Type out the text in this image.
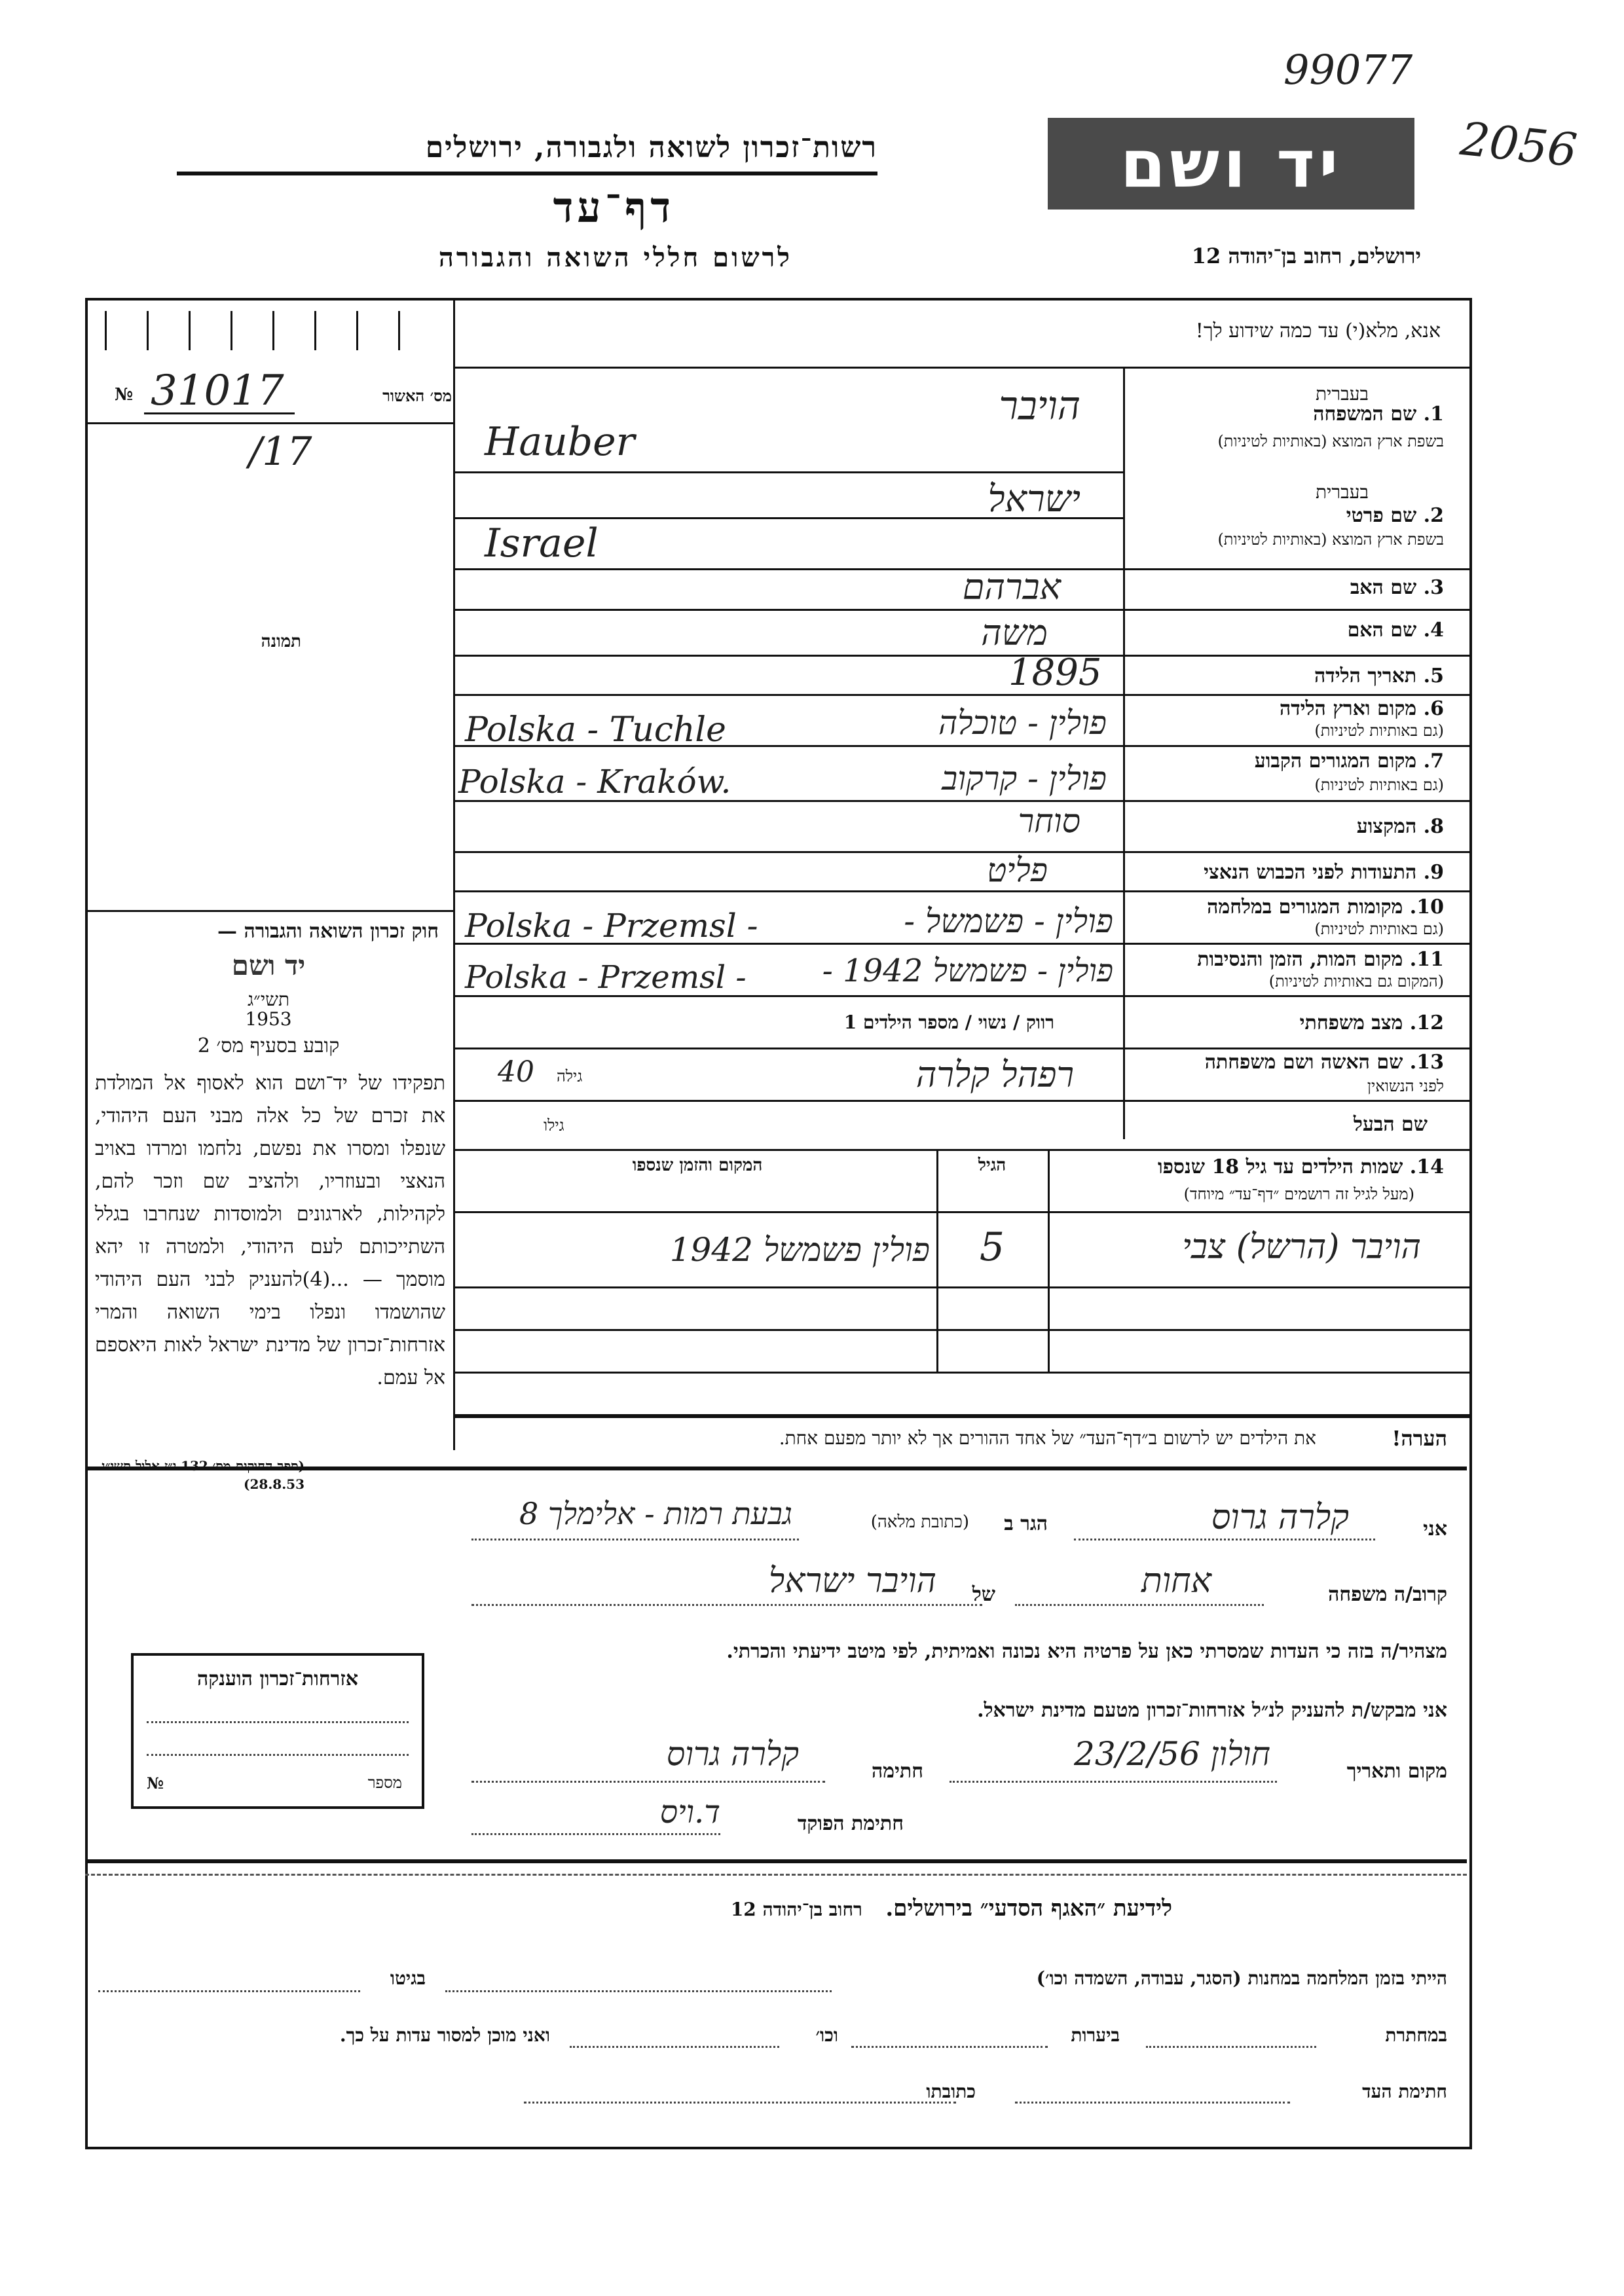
99077
2056
רשות־זכרון לשואה ולגבורה, ירושלים
דף־עד
לרשום חללי השואה והגבורה
יד ושם
ירושלים, רחוב בן־יהודה 12
אנא, מלא(י) עד כמה שידוע לך!
מס׳ האשור
№ 31017
/17
תמונה
חוק זכרון השואה והגבורה —
יד ושם
תשי״ג
1953
קובע בסעיף מס׳ 2
תפקידו של יד־ושם הוא לאסוף אל המולדת את זכרם של כל אלה מבני העם היהודי, שנפלו ומסרו את נפשם, נלחמו ומרדו באויב הנאצי ובעוזריו, ולהציב שם וזכר להם, לקהילות, לארגונים ולמוסדות שנחרבו בגלל השתייכותם לעם היהודי, ולמטרה זו יהא מוסמך — ...(4)להעניק לבני העם היהודי שהושמדו ונפלו בימי השואה והמרי אזרחות־זכרון של מדינת ישראל לאות היאספם אל עמם.
(ספר החוקים מס׳ 132 י״ז אלול תשי״ג 28.8.53)
אזרחות־זכרון הוענקה
מספר
№
בעברית
1. שם המשפחה
בשפת ארץ המוצא (באותיות לטיניות)
הויבר
Hauber
בעברית
2. שם פרטי
בשפת ארץ המוצא (באותיות לטיניות)
ישראל
Israel
3. שם האב
אברהם
4. שם האם
משה
5. תאריך הלידה
1895
6. מקום וארץ הלידה
(גם באותיות לטיניות)
פולין - טוכלה
Polska - Tuchle
7. מקום המגורים הקבוע
(גם באותיות לטיניות)
פולין - קרקוב
Polska - Kraków.
8. המקצוע
סוחר
9. התעודות לפני הכבוש הנאצי
פליט
10. מקומות המגורים במלחמה
(גם באותיות לטיניות)
פולין - פשמשל -
Polska - Przemsl -
11. מקום המות, הזמן והנסיבות
(המקום גם באותיות לטיניות)
פולין - פשמשל 1942 -
Polska - Przemsl -
12. מצב משפחתי
רווק / נשוי / מספר הילדים 1
13. שם האשה ושם משפחתה
לפני הנשואין
רפהל קלרה
גילה
40
שם הבעל
גילו
14. שמות הילדים עד גיל 18 שנספו
(מעל לגיל זה רושמים ״דף־עד״ מיוחד)
הגיל
המקום והזמן שנספו
הויבר (הרשל) צבי
5
פולין פשמשל 1942
הערה!
את הילדים יש לרשום ב״דף־העד״ של אחד ההורים אך לא יותר מפעם אחת.
אני
קלרה גרוס
הגר ב
(כתובת מלאה)
גבעת רמות - אלימלך 8
קרוב/ה משפחה
אחות
של
הויבר ישראל
מצהיר/ה בזה כי העדות שמסרתי כאן על פרטיה היא נכונה ואמיתית, לפי מיטב ידיעתי והכרתי.
אני מבקש/ת להעניק לנ״ל אזרחות־זכרון מטעם מדינת ישראל.
מקום ותאריך
חולון 23/2/56
חתימה
קלרה גרוס
חתימת הפוקד
ד.ויס
לידיעת ״האגף הסדעי״ בירושלים.   רחוב בן־יהודה 12
הייתי בזמן המלחמה במחנות (הסגר, עבודה, השמדה וכו׳)
בגיטו
במחתרת
ביערות
וכו׳
ואני מוכן למסור עדות על כך.
חתימת העד
כתובתו
